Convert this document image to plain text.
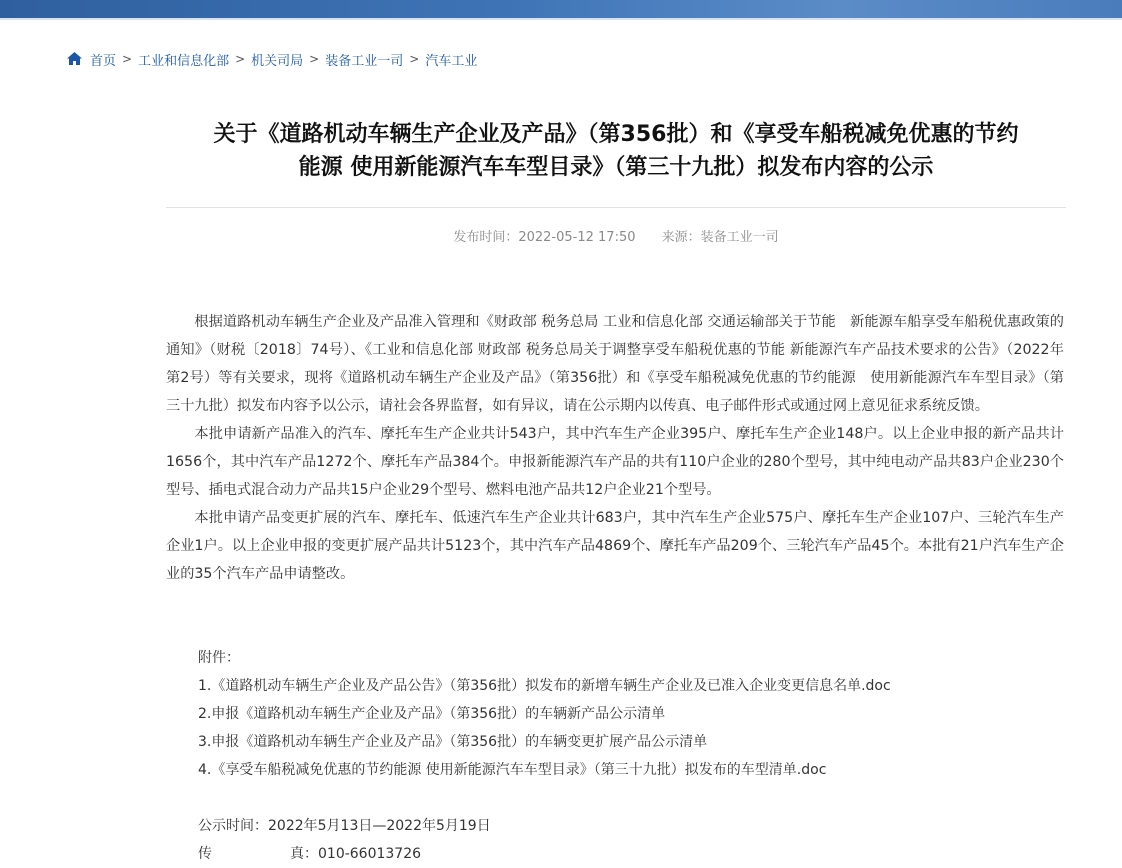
首页 > 工业和信息化部 > 机关司局 > 装备工业一司 > 汽车工业
关于《道路机动车辆生产企业及产品》（第356批）和《享受车船税减免优惠的节约
能源 使用新能源汽车车型目录》（第三十九批）拟发布内容的公示
发布时间：2022-05-12 17:50 来源：装备工业一司

根据道路机动车辆生产企业及产品准入管理和《财政部 税务总局 工业和信息化部 交通运输部关于节能　新能源车船享受车船税优惠政策的通知》（财税〔2018〕74号）、《工业和信息化部 财政部 税务总局关于调整享受车船税优惠的节能 新能源汽车产品技术要求的公告》（2022年第2号）等有关要求，现将《道路机动车辆生产企业及产品》（第356批）和《享受车船税减免优惠的节约能源　使用新能源汽车车型目录》（第三十九批）拟发布内容予以公示，请社会各界监督，如有异议，请在公示期内以传真、电子邮件形式或通过网上意见征求系统反馈。

本批申请新产品准入的汽车、摩托车生产企业共计543户，其中汽车生产企业395户、摩托车生产企业148户。以上企业申报的新产品共计1656个，其中汽车产品1272个、摩托车产品384个。申报新能源汽车产品的共有110户企业的280个型号，其中纯电动产品共83户企业230个型号、插电式混合动力产品共15户企业29个型号、燃料电池产品共12户企业21个型号。

本批申请产品变更扩展的汽车、摩托车、低速汽车生产企业共计683户，其中汽车生产企业575户、摩托车生产企业107户、三轮汽车生产企业1户。以上企业申报的变更扩展产品共计5123个，其中汽车产品4869个、摩托车产品209个、三轮汽车产品45个。本批有21户汽车生产企业的35个汽车产品申请整改。

附件：
1.《道路机动车辆生产企业及产品公告》（第356批）拟发布的新增车辆生产企业及已准入企业变更信息名单.doc
2.申报《道路机动车辆生产企业及产品》（第356批）的车辆新产品公示清单
3.申报《道路机动车辆生产企业及产品》（第356批）的车辆变更扩展产品公示清单
4.《享受车船税减免优惠的节约能源 使用新能源汽车车型目录》（第三十九批）拟发布的车型清单.doc
公示时间：2022年5月13日—2022年5月19日
传	真：010-66013726
